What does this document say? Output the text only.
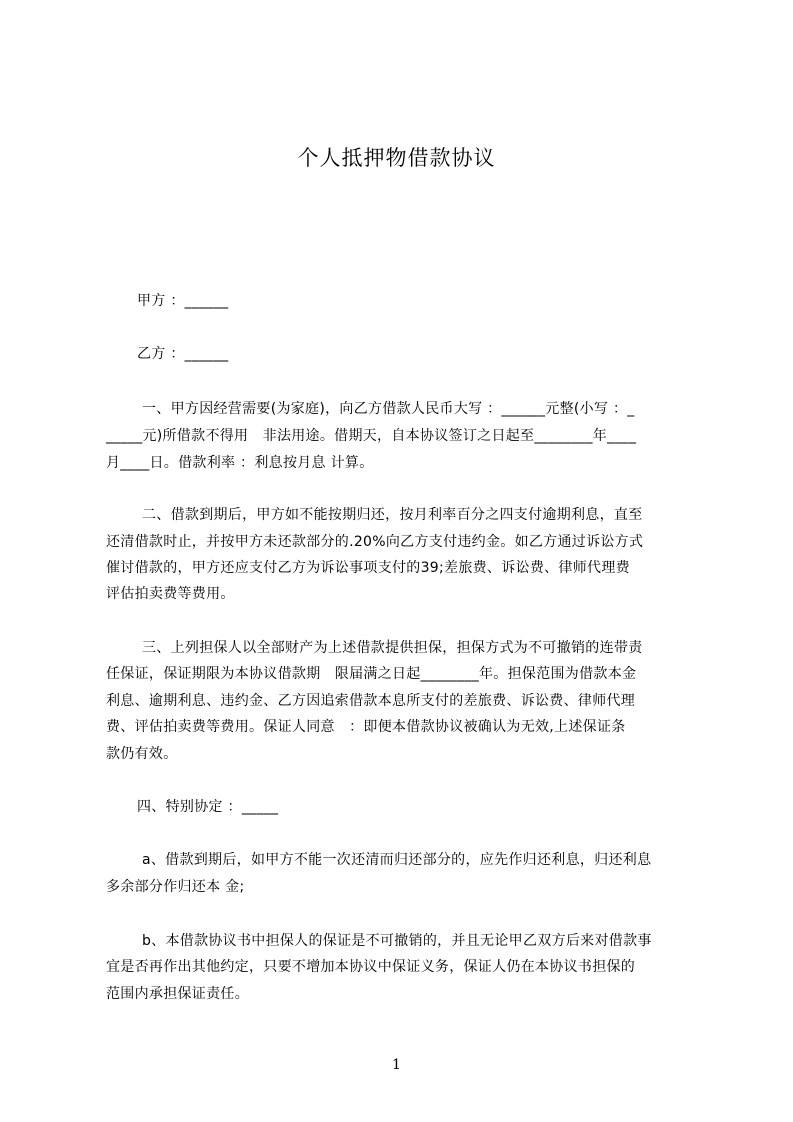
个人抵押物借款协议
甲方 ：______
乙方 ：______
一、甲方因经营需要(为家庭)，向乙方借款人民币大写 ：______元整(小写 ：_
_____元)所借款不得用　非法用途。借期天，自本协议签订之日起至________年____
月____日。借款利率 ：利息按月息 计算。
二、借款到期后，甲方如不能按期归还，按月利率百分之四支付逾期利息，直至
还清借款时止，并按甲方未还款部分的.20%向乙方支付违约金。如乙方通过诉讼方式
催讨借款的，甲方还应支付乙方为诉讼事项支付的39;差旅费、诉讼费、律师代理费
评估拍卖费等费用。
三、上列担保人以全部财产为上述借款提供担保，担保方式为不可撤销的连带责
任保证，保证期限为本协议借款期　限届满之日起________年。担保范围为借款本金
利息、逾期利息、违约金、乙方因追索借款本息所支付的差旅费、诉讼费、律师代理
费、评估拍卖费等费用。保证人同意　：即便本借款协议被确认为无效,上述保证条
款仍有效。
四、特别协定 ：_____
a、借款到期后，如甲方不能一次还清而归还部分的，应先作归还利息，归还利息
多余部分作归还本 金;
b、本借款协议书中担保人的保证是不可撤销的，并且无论甲乙双方后来对借款事
宜是否再作出其他约定，只要不增加本协议中保证义务，保证人仍在本协议书担保的
范围内承担保证责任。
1
